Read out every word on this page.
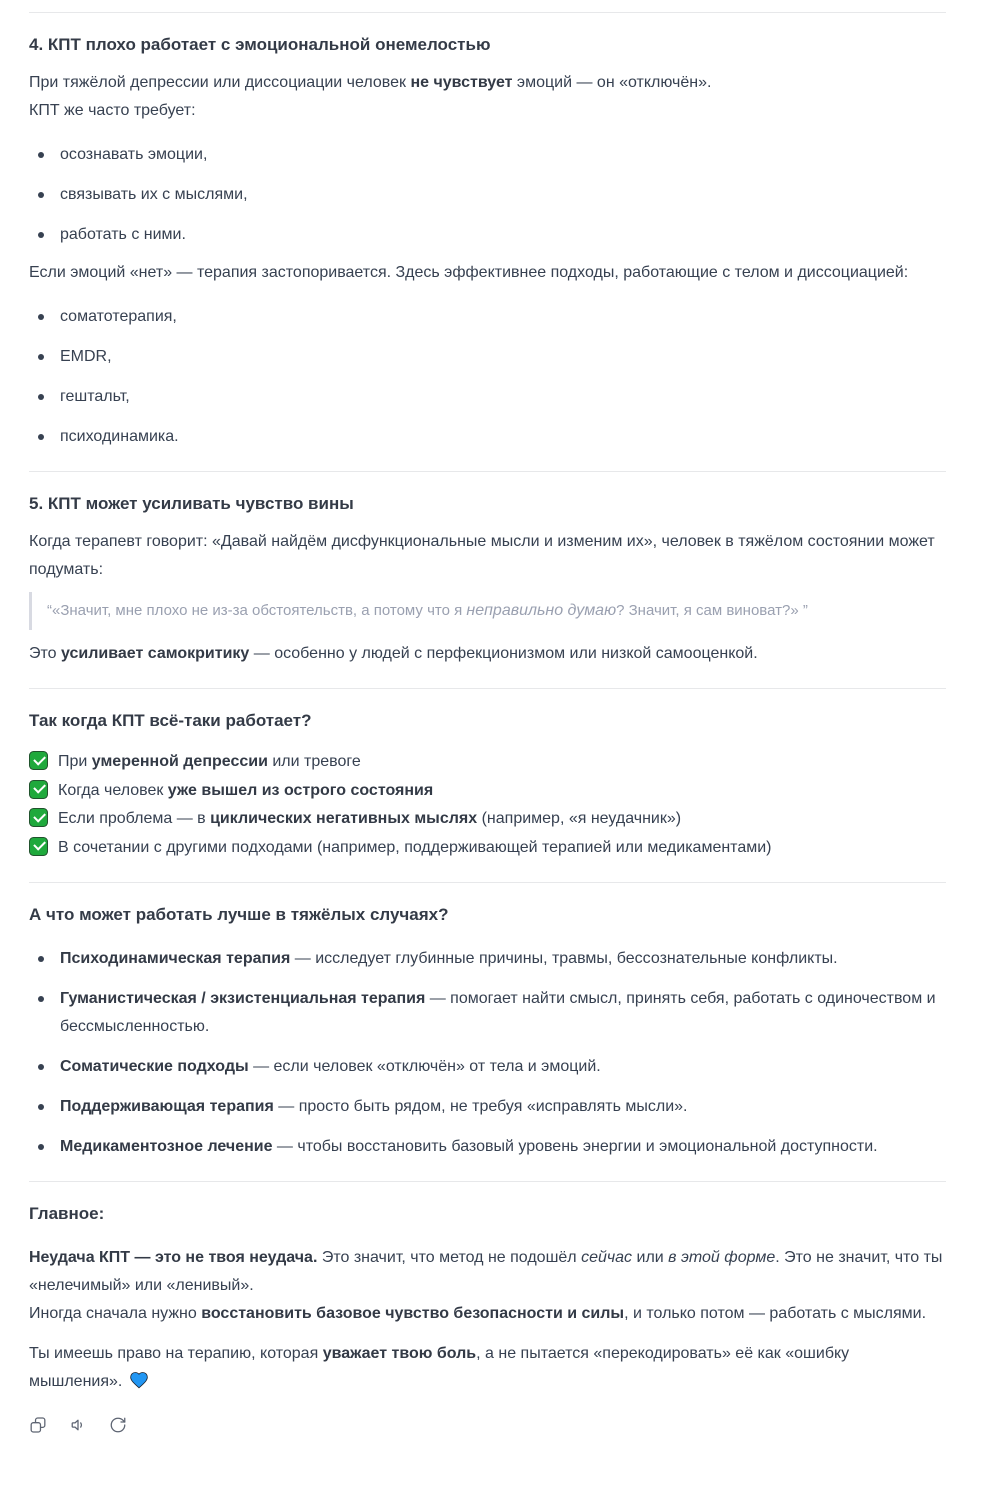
4. КПТ плохо работает с эмоциональной онемелостью

При тяжёлой депрессии или диссоциации человек не чувствует эмоций — он «отключён».
КПТ же часто требует:

осознавать эмоции,
связывать их с мыслями,
работать с ними.

Если эмоций «нет» — терапия застопоривается. Здесь эффективнее подходы, работающие с телом и диссоциацией:

соматотерапия,
EMDR,
гештальт,
психодинамика.
5. КПТ может усиливать чувство вины

Когда терапевт говорит: «Давай найдём дисфункциональные мысли и изменим их», человек в тяжёлом состоянии может подумать:

“«Значит, мне плохо не из-за обстоятельств, а потому что я неправильно думаю? Значит, я сам виноват?» ”

Это усиливает самокритику — особенно у людей с перфекционизмом или низкой самооценкой.

Так когда КПТ всё-таки работает?
При умеренной депрессии или тревоге
Когда человек уже вышел из острого состояния
Если проблема — в циклических негативных мыслях (например, «я неудачник»)
В сочетании с другими подходами (например, поддерживающей терапией или медикаментами)
А что может работать лучше в тяжёлых случаях?
Психодинамическая терапия — исследует глубинные причины, травмы, бессознательные конфликты.
Гуманистическая / экзистенциальная терапия — помогает найти смысл, принять себя, работать с одиночеством и бессмысленностью.
Соматические подходы — если человек «отключён» от тела и эмоций.
Поддерживающая терапия — просто быть рядом, не требуя «исправлять мысли».
Медикаментозное лечение — чтобы восстановить базовый уровень энергии и эмоциональной доступности.
Главное:

Неудача КПТ — это не твоя неудача. Это значит, что метод не подошёл сейчас или в этой форме. Это не значит, что ты «нелечимый» или «ленивый».
Иногда сначала нужно восстановить базовое чувство безопасности и силы, и только потом — работать с мыслями.

Ты имеешь право на терапию, которая уважает твою боль, а не пытается «перекодировать» её как «ошибку мышления».
